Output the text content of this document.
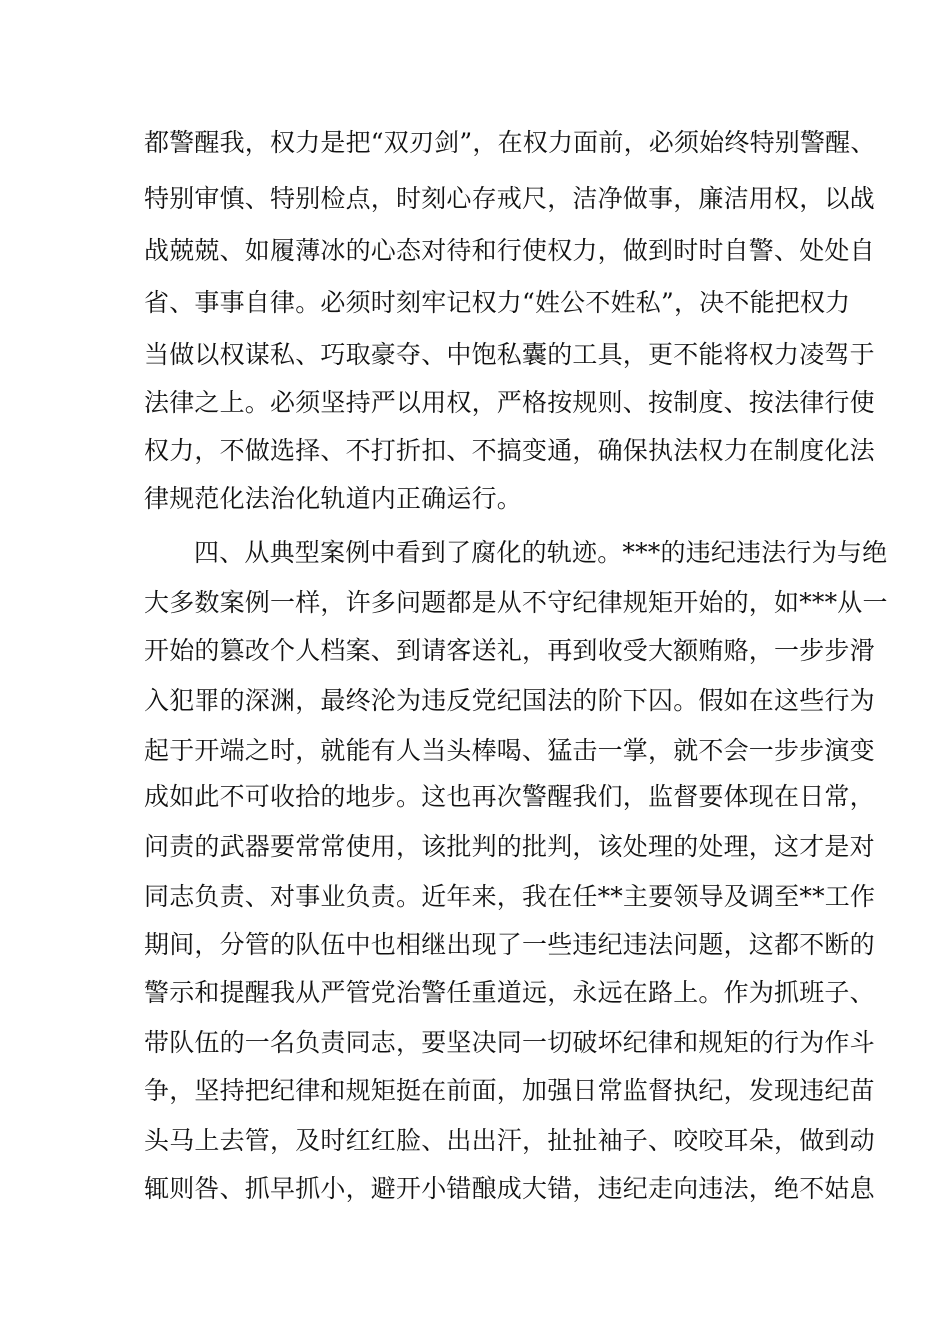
都警醒我，权力是把“双刃剑”，在权力面前，必须始终特别警醒、
特别审慎、特别检点，时刻心存戒尺，洁净做事，廉洁用权，以战
战兢兢、如履薄冰的心态对待和行使权力，做到时时自警、处处自
省、事事自律。必须时刻牢记权力“姓公不姓私”，决不能把权力
当做以权谋私、巧取豪夺、中饱私囊的工具，更不能将权力凌驾于
法律之上。必须坚持严以用权，严格按规则、按制度、按法律行使
权力，不做选择、不打折扣、不搞变通，确保执法权力在制度化法
律规范化法治化轨道内正确运行。
四、从典型案例中看到了腐化的轨迹。***的违纪违法行为与绝
大多数案例一样，许多问题都是从不守纪律规矩开始的，如***从一
开始的篡改个人档案、到请客送礼，再到收受大额贿赂，一步步滑
入犯罪的深渊，最终沦为违反党纪国法的阶下囚。假如在这些行为
起于开端之时，就能有人当头棒喝、猛击一掌，就不会一步步演变
成如此不可收拾的地步。这也再次警醒我们，监督要体现在日常，
问责的武器要常常使用，该批判的批判，该处理的处理，这才是对
同志负责、对事业负责。近年来，我在任**主要领导及调至**工作
期间，分管的队伍中也相继出现了一些违纪违法问题，这都不断的
警示和提醒我从严管党治警任重道远，永远在路上。作为抓班子、
带队伍的一名负责同志，要坚决同一切破坏纪律和规矩的行为作斗
争，坚持把纪律和规矩挺在前面，加强日常监督执纪，发现违纪苗
头马上去管，及时红红脸、出出汗，扯扯袖子、咬咬耳朵，做到动
辄则咎、抓早抓小，避开小错酿成大错，违纪走向违法，绝不姑息
